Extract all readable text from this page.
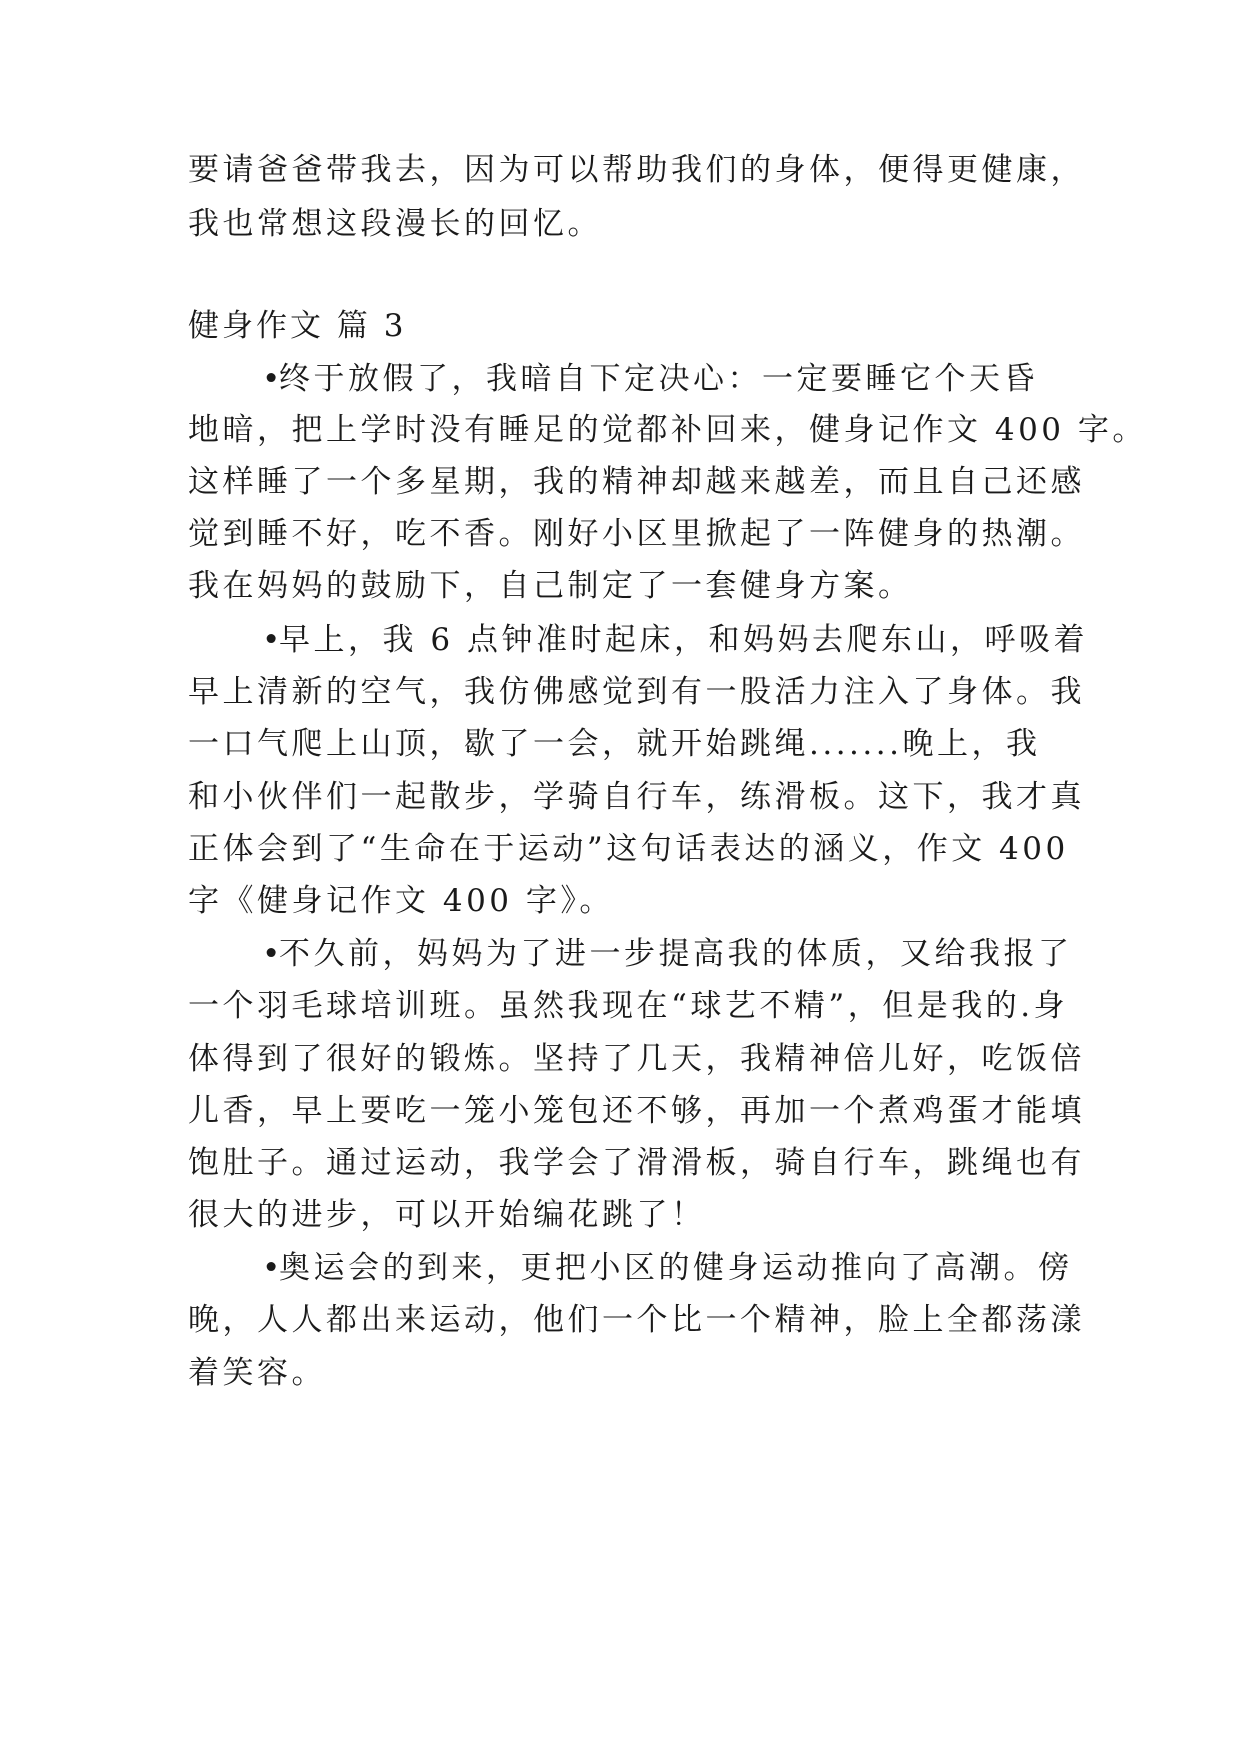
要请爸爸带我去，因为可以帮助我们的身体，便得更健康，
我也常想这段漫长的回忆。
健身作文 篇 3
•终于放假了，我暗自下定决心：一定要睡它个天昏
地暗，把上学时没有睡足的觉都补回来，健身记作文 400 字。
这样睡了一个多星期，我的精神却越来越差，而且自己还感
觉到睡不好，吃不香。刚好小区里掀起了一阵健身的热潮。
我在妈妈的鼓励下，自己制定了一套健身方案。
•早上，我 6 点钟准时起床，和妈妈去爬东山，呼吸着
早上清新的空气，我仿佛感觉到有一股活力注入了身体。我
一口气爬上山顶，歇了一会，就开始跳绳.......晚上，我
和小伙伴们一起散步，学骑自行车，练滑板。这下，我才真
正体会到了“生命在于运动”这句话表达的涵义，作文 400
字《健身记作文 400 字》。
•不久前，妈妈为了进一步提高我的体质，又给我报了
一个羽毛球培训班。虽然我现在“球艺不精”，但是我的.身
体得到了很好的锻炼。坚持了几天，我精神倍儿好，吃饭倍
儿香，早上要吃一笼小笼包还不够，再加一个煮鸡蛋才能填
饱肚子。通过运动，我学会了滑滑板，骑自行车，跳绳也有
很大的进步，可以开始编花跳了！
•奥运会的到来，更把小区的健身运动推向了高潮。傍
晚，人人都出来运动，他们一个比一个精神，脸上全都荡漾
着笑容。
